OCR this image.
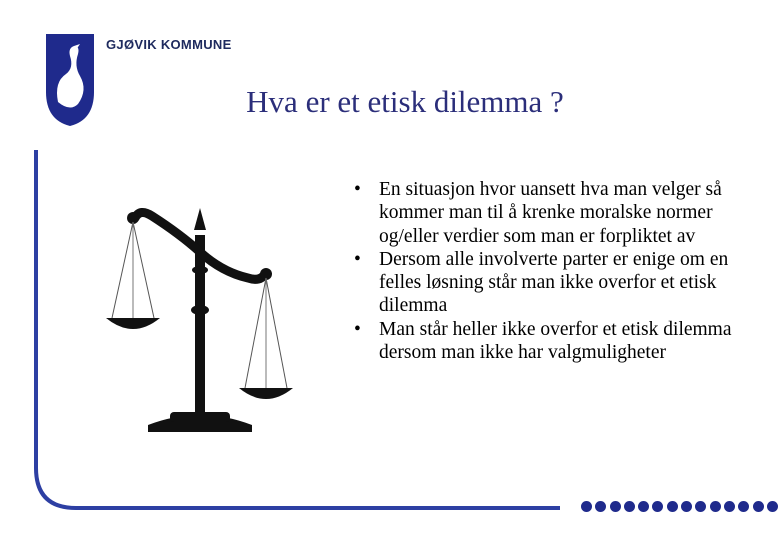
GJØVIK KOMMUNE
Hva er et etisk dilemma ?
• En situasjon hvor uansett hva man velger så kommer man til å krenke moralske normer og/eller verdier som man er forpliktet av
• Dersom alle involverte parter er enige om en felles løsning står man ikke overfor et etisk dilemma
• Man står heller ikke overfor et etisk dilemma dersom man ikke har valgmuligheter
